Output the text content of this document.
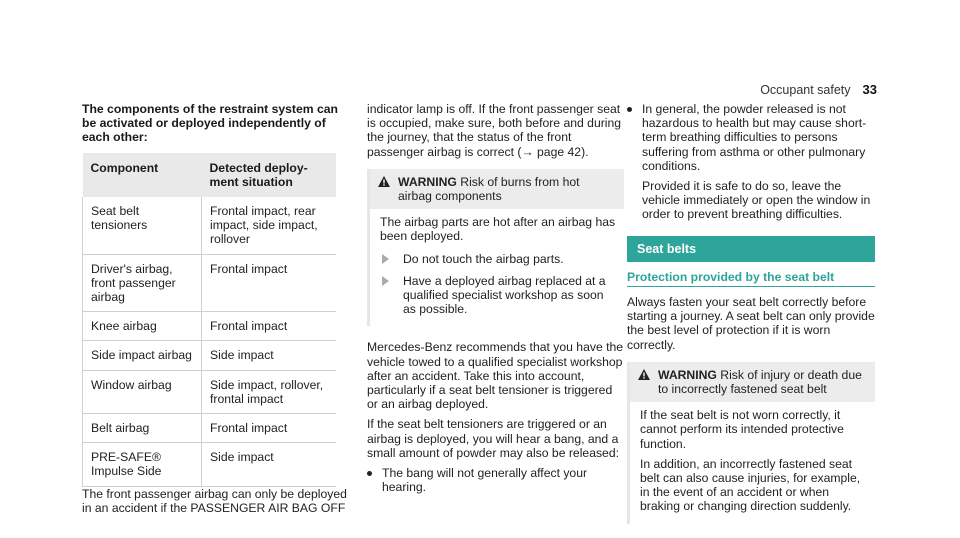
Occupant safety 33

The components of the restraint system can be activated or deployed independently of each other:

Component	Detected deploy-ment situation
Seat belt tensioners	Frontal impact, rear impact, side impact, rollover
Driver's airbag, front passenger airbag	Frontal impact
Knee airbag	Frontal impact
Side impact airbag	Side impact
Window airbag	Side impact, rollover, frontal impact
Belt airbag	Frontal impact
PRE-SAFE® Impulse Side	Side impact

The front passenger airbag can only be deployed in an accident if the PASSENGER AIR BAG OFF

indicator lamp is off. If the front passenger seat is occupied, make sure, both before and during the journey, that the status of the front passenger airbag is correct (→ page 42).

WARNING Risk of burns from hot airbag components

The airbag parts are hot after an airbag has been deployed.

Do not touch the airbag parts.
Have a deployed airbag replaced at a qualified specialist workshop as soon as possible.

Mercedes-Benz recommends that you have the vehicle towed to a qualified specialist workshop after an accident. Take this into account, particularly if a seat belt tensioner is triggered or an airbag deployed.

If the seat belt tensioners are triggered or an airbag is deployed, you will hear a bang, and a small amount of powder may also be released:

The bang will not generally affect your hearing.
In general, the powder released is not hazardous to health but may cause short-term breathing difficulties to persons suffering from asthma or other pulmonary conditions.
Provided it is safe to do so, leave the vehicle immediately or open the window in order to prevent breathing difficulties.
Seat belts
Protection provided by the seat belt

Always fasten your seat belt correctly before starting a journey. A seat belt can only provide the best level of protection if it is worn correctly.

WARNING Risk of injury or death due to incorrectly fastened seat belt

If the seat belt is not worn correctly, it cannot perform its intended protective function.

In addition, an incorrectly fastened seat belt can also cause injuries, for example, in the event of an accident or when braking or changing direction suddenly.
